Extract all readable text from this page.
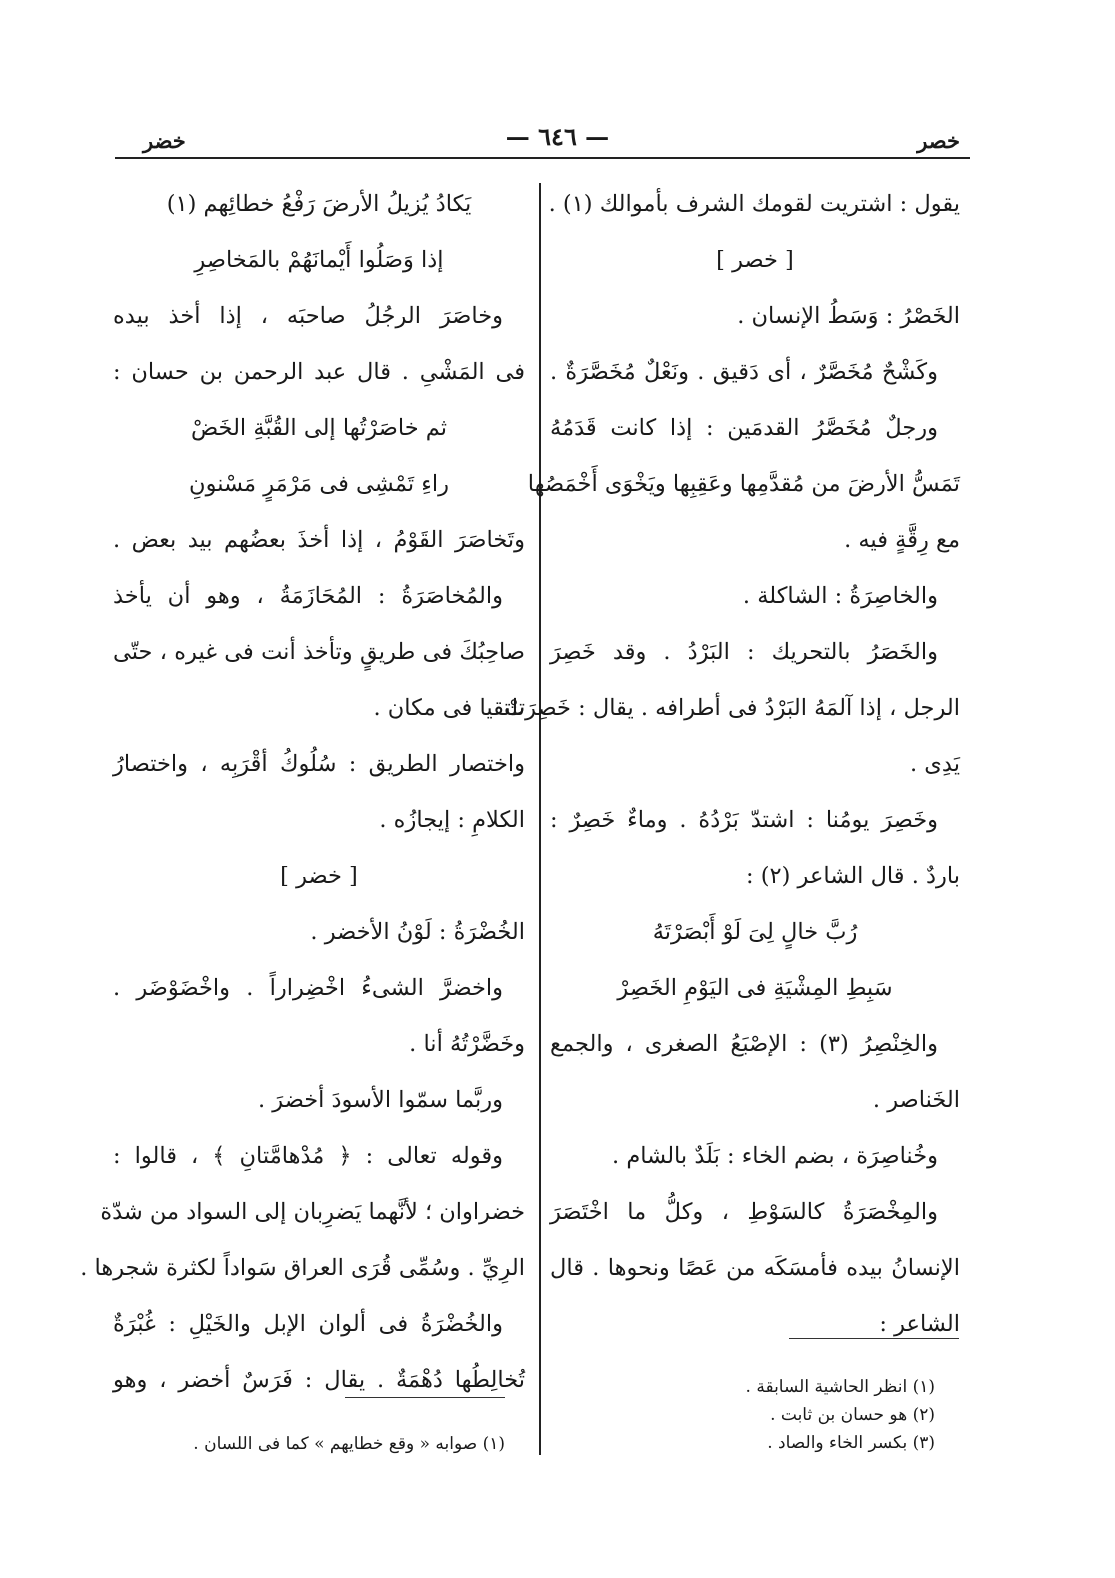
خصر
— ٦٤٦ —
خضر
يقول : اشتريت لقومك الشرف بأموالك (١) .
[ خصر ]
الخَصْرُ : وَسَطُ الإنسان .
وكَشْحٌ مُخَصَّرٌ ، أى دَقيق . ونَعْلٌ مُخَصَّرَةٌ .
ورجلٌ مُخَصَّرُ القدمَين : إذا كانت قَدَمُهُ
تَمَسُّ الأرضَ من مُقدَّمِها وعَقِبِها ويَخْوَى أَخْمَصُها
مع رِقَّةٍ فيه .
والخاصِرَةُ : الشاكلة .
والخَصَرُ بالتحريك : البَرْدُ . وقد خَصِرَ
الرجل ، إذا آلمَهُ البَرْدُ فى أطرافه . يقال : خَصِرَتْ
يَدِى .
وخَصِرَ يومُنا : اشتدّ بَرْدُهُ . وماءٌ خَصِرٌ :
باردٌ . قال الشاعر (٢) :
رُبَّ خالٍ لِىَ لَوْ أَبْصَرْتَهُ
سَبِطِ المِشْيَةِ فى اليَوْمِ الخَصِرْ
والخِنْصِرُ (٣) : الإصْبَعُ الصغرى ، والجمع
الخَناصر .
وخُناصِرَة ، بضم الخاء : بَلَدٌ بالشام .
والمِخْصَرَةُ كالسَوْطِ ، وكلُّ ما اخْتَصَرَ
الإنسانُ بيده فأمسَكَه من عَصًا ونحوها . قال
الشاعر :
(١) انظر الحاشية السابقة .
(٢) هو حسان بن ثابت .
(٣) بكسر الخاء والصاد .
يَكادُ يُزيلُ الأرضَ رَفْعُ خطائِهم (١)
إذا وَصَلُوا أَيْمانَهُمْ بالمَخاصِرِ
وخاصَرَ الرجُلُ صاحبَه ، إذا أخذ بيده
فى المَشْىِ . قال عبد الرحمن بن حسان :
ثم خاصَرْتُها إلى القُبَّةِ الخَضْ
راءِ تَمْشِى فى مَرْمَرٍ مَسْنونِ
وتَخاصَرَ القَوْمُ ، إذا أخذَ بعضُهم بيد بعض .
والمُخاصَرَةُ : المُحَازَمَةُ ، وهو أن يأخذ
صاحِبُكَ فى طريقٍ وتأخذ أنت فى غيره ، حتّى
تلتقيا فى مكان .
واختصار الطريق : سُلُوكُ أقْرَبِه ، واختصارُ
الكلامِ : إيجازُه .
[ خضر ]
الخُضْرَةُ : لَوْنُ الأخضر .
واخضرَّ الشىءُ اخْضِراراً . واخْضَوْضَر .
وخَضَّرْتُهُ أنا .
وربَّما سمّوا الأسودَ أخضرَ .
وقوله تعالى : ﴿ مُدْهامَّتانِ ﴾ ، قالوا :
خضراوان ؛ لأنَّهما يَضرِبان إلى السواد من شدّة
الرِيِّ . وسُمِّى قُرَى العراق سَواداً لكثرة شجرها .
والخُضْرَةُ فى ألوان الإبل والخَيْلِ : غُبْرَةٌ
تُخالِطُها دُهْمَةٌ . يقال : فَرَسٌ أخضر ، وهو
(١) صوابه « وقع خطايهم » كما فى اللسان .
